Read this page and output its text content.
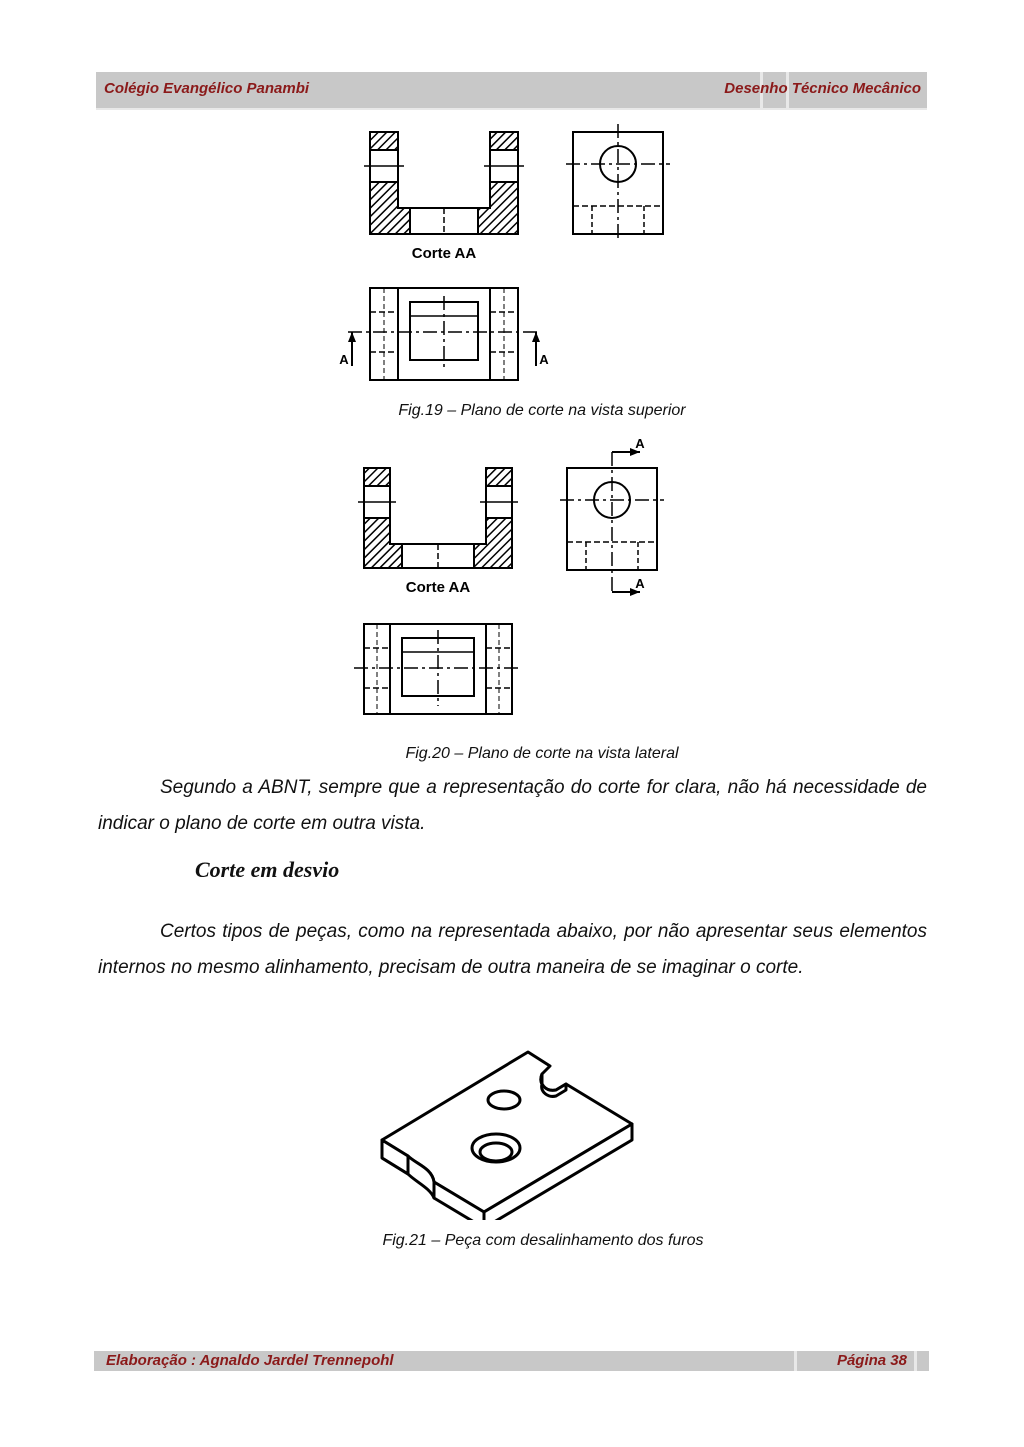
Colégio Evangélico Panambi	Desenho Técnico Mecânico
Corte AA
A	A
Fig.19 – Plano de corte na vista superior
Corte AA
A
A
Fig.20 – Plano de corte na vista lateral

Segundo a ABNT, sempre que a representação do corte for clara, não há necessidade de indicar o plano de corte em outra vista.

Corte em desvio

Certos tipos de peças, como na representada abaixo, por não apresentar seus elementos internos no mesmo alinhamento, precisam de outra maneira de se imaginar o corte.

Fig.21 – Peça com desalinhamento dos furos
Elaboração : Agnaldo Jardel Trennepohl	Página 38
